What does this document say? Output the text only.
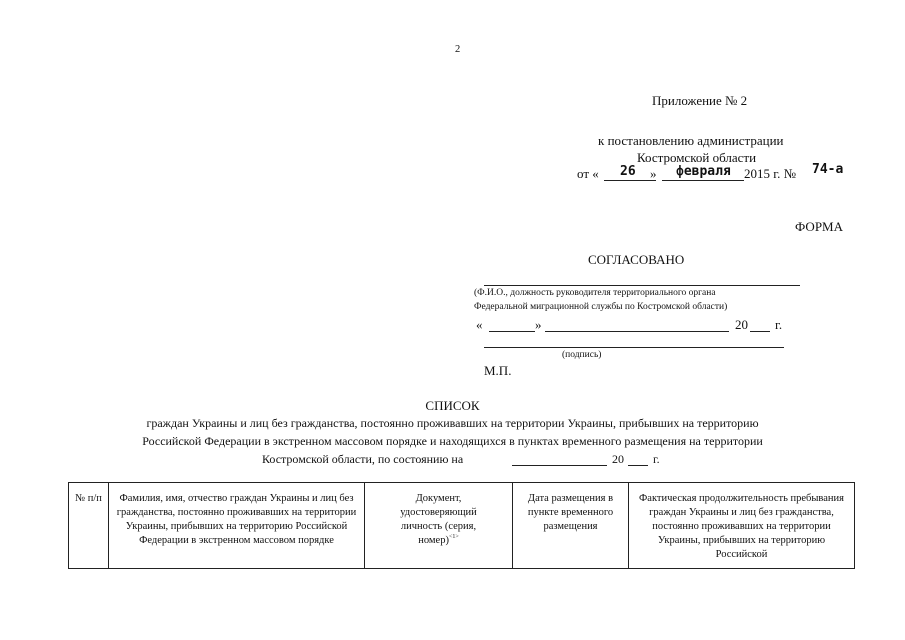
2
Приложение № 2
к постановлению администрации
Костромской области
от « 26 » февраля 2015 г. № 74-а
ФОРМА
СОГЛАСОВАНО
(Ф.И.О., должность руководителя территориального органа
Федеральной миграционной службы по Костромской области)
«	»	20 г.
(подпись)
М.П.
СПИСОК
граждан Украины и лиц без гражданства, постоянно проживавших на территории Украины, прибывших на территорию
Российской Федерации в экстренном массовом порядке и находящихся в пунктах временного размещения на территории
Костромской области, по состоянию на	20 г.
№ п/п	Фамилия, имя, отчество граждан Украины и лиц без гражданства, постоянно проживавших на территории Украины, прибывших на территорию Российской Федерации в экстренном массовом порядке	Документ, удостоверяющий личность (серия, номер)$^{<1>}$	Дата размещения в пункте временного размещения	Фактическая продолжительность пребывания граждан Украины и лиц без гражданства, постоянно проживавших на территории Украины, прибывших на территорию Российской
